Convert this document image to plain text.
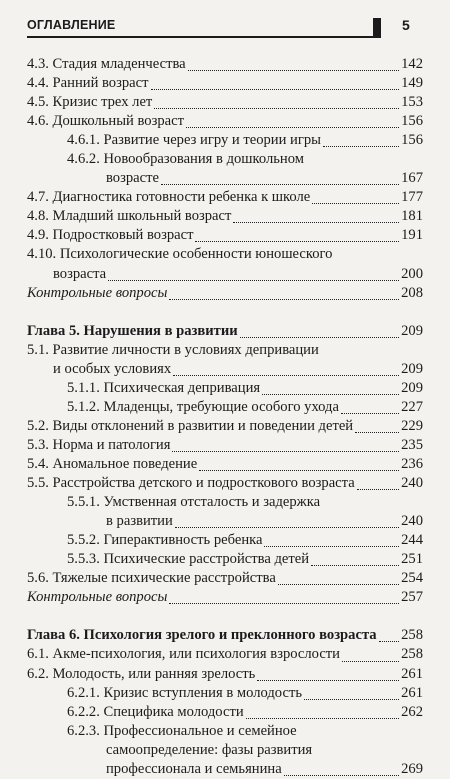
ОГЛАВЛЕНИЕ	5
4.3. Стадия младенчества	142
4.4. Ранний возраст	149
4.5. Кризис трех лет	153
4.6. Дошкольный возраст	156
4.6.1. Развитие через игру и теории игры	156
4.6.2. Новообразования в дошкольном
возрасте	167
4.7. Диагностика готовности ребенка к школе	177
4.8. Младший школьный возраст	181
4.9. Подростковый возраст	191
4.10. Психологические особенности юношеского
возраста	200
Контрольные вопросы	208
Глава 5. Нарушения в развитии	209
5.1. Развитие личности в условиях депривации
и особых условиях	209
5.1.1. Психическая депривация	209
5.1.2. Младенцы, требующие особого ухода	227
5.2. Виды отклонений в развитии и поведении детей	229
5.3. Норма и патология	235
5.4. Аномальное поведение	236
5.5. Расстройства детского и подросткового возраста	240
5.5.1. Умственная отсталость и задержка
в развитии	240
5.5.2. Гиперактивность ребенка	244
5.5.3. Психические расстройства детей	251
5.6. Тяжелые психические расстройства	254
Контрольные вопросы	257
Глава 6. Психология зрелого и преклонного возраста 258
6.1. Акме-психология, или психология взрослости	258
6.2. Молодость, или ранняя зрелость	261
6.2.1. Кризис вступления в молодость	261
6.2.2. Специфика молодости	262
6.2.3. Профессиональное и семейное
самоопределение: фазы развития
профессионала и семьянина	269
